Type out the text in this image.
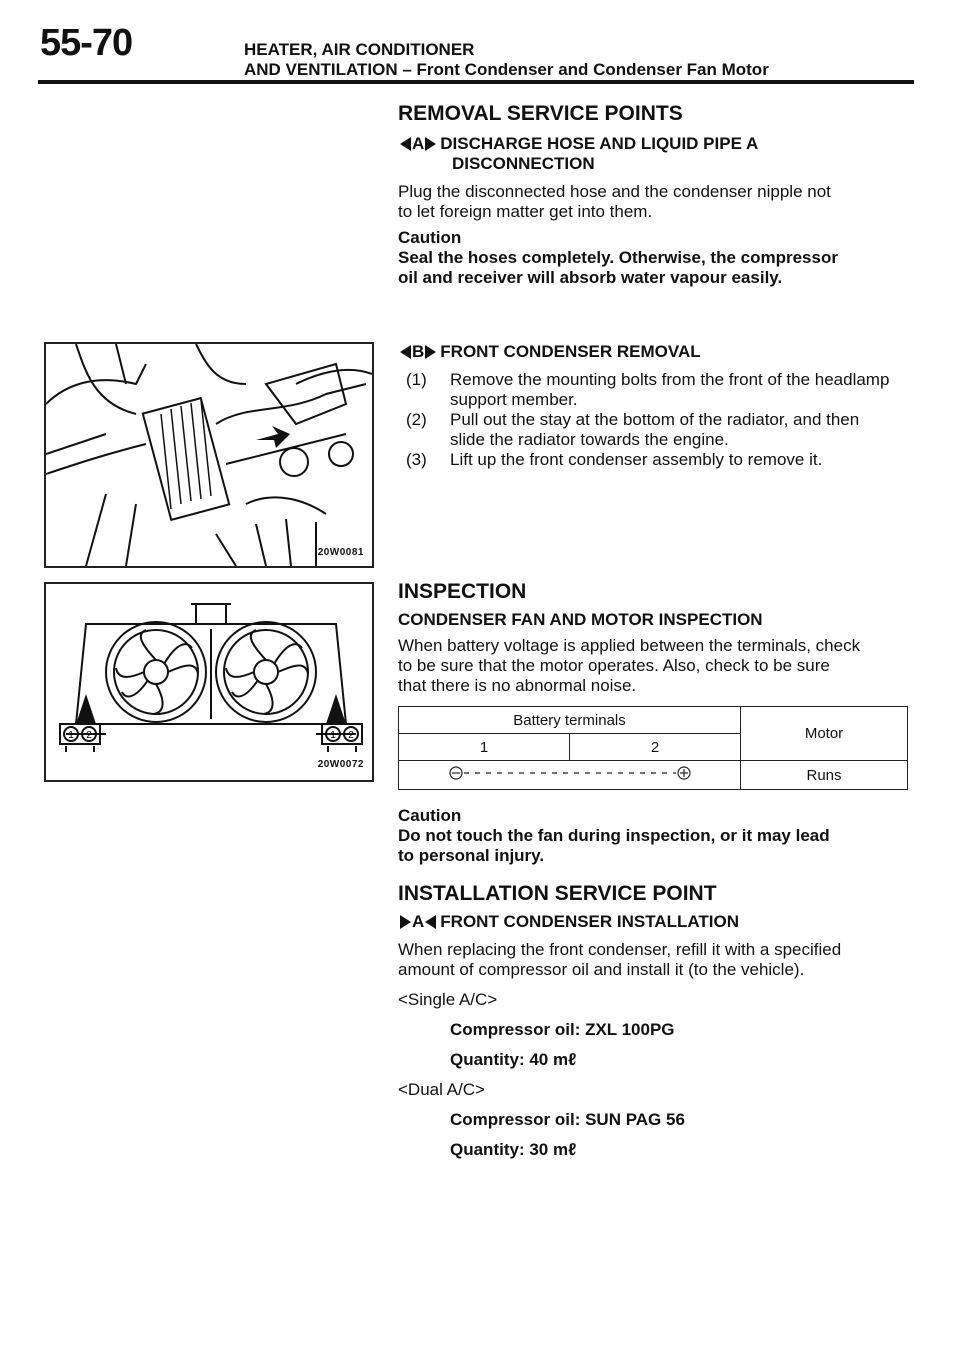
55-70	HEATER, AIR CONDITIONER
AND VENTILATION – Front Condenser and Condenser Fan Motor
20W0081
1 2	1 2
20W0072
REMOVAL SERVICE POINTS
A DISCHARGE HOSE AND LIQUID PIPE A
DISCONNECTION
Plug the disconnected hose and the condenser nipple not
to let foreign matter get into them.
Caution
Seal the hoses completely. Otherwise, the compressor
oil and receiver will absorb water vapour easily.
B FRONT CONDENSER REMOVAL
(1) Remove the mounting bolts from the front of the headlamp
support member.
(2) Pull out the stay at the bottom of the radiator, and then
slide the radiator towards the engine.
(3) Lift up the front condenser assembly to remove it.
INSPECTION
CONDENSER FAN AND MOTOR INSPECTION
When battery voltage is applied between the terminals, check
to be sure that the motor operates. Also, check to be sure
that there is no abnormal noise.
Battery terminals		Motor
1	2	
	Runs
Caution
Do not touch the fan during inspection, or it may lead
to personal injury.
INSTALLATION SERVICE POINT
A FRONT CONDENSER INSTALLATION
When replacing the front condenser, refill it with a specified
amount of compressor oil and install it (to the vehicle).
<Single A/C>
Compressor oil: ZXL 100PG
Quantity: 40 mℓ
<Dual A/C>
Compressor oil: SUN PAG 56
Quantity: 30 mℓ
